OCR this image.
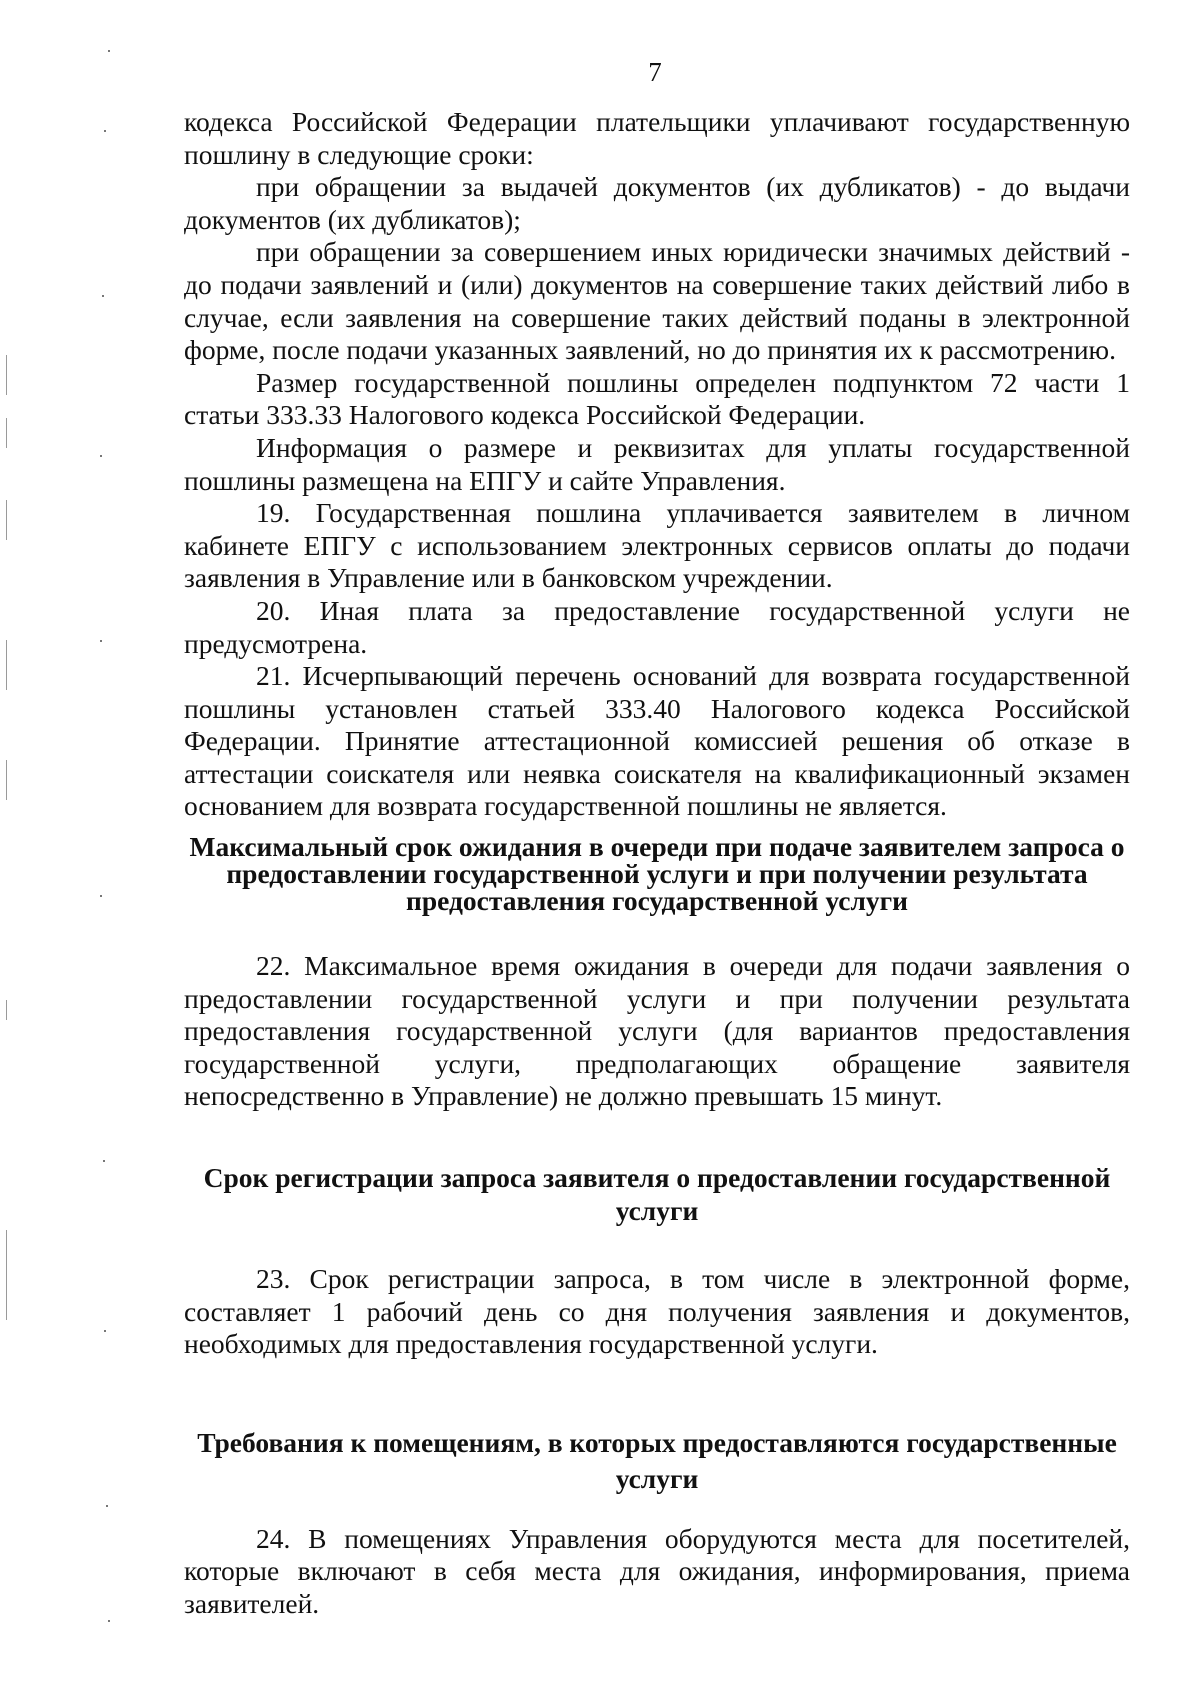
7

кодекса Российской Федерации плательщики уплачивают государственную пошлину в следующие сроки:

при обращении за выдачей документов (их дубликатов) - до выдачи документов (их дубликатов);

при обращении за совершением иных юридически значимых действий - до подачи заявлений и (или) документов на совершение таких действий либо в случае, если заявления на совершение таких действий поданы в электронной форме, после подачи указанных заявлений, но до принятия их к рассмотрению.

Размер государственной пошлины определен подпунктом 72 части 1 статьи 333.33 Налогового кодекса Российской Федерации.

Информация о размере и реквизитах для уплаты государственной пошлины размещена на ЕПГУ и сайте Управления.

19. Государственная пошлина уплачивается заявителем в личном кабинете ЕПГУ с использованием электронных сервисов оплаты до подачи заявления в Управление или в банковском учреждении.

20. Иная плата за предоставление государственной услуги не предусмотрена.

21. Исчерпывающий перечень оснований для возврата государственной пошлины установлен статьей 333.40 Налогового кодекса Российской Федерации. Принятие аттестационной комиссией решения об отказе в аттестации соискателя или неявка соискателя на квалификационный экзамен основанием для возврата государственной пошлины не является.

Максимальный срок ожидания в очереди при подаче заявителем запроса о предоставлении государственной услуги и при получении результата предоставления государственной услуги

22. Максимальное время ожидания в очереди для подачи заявления о предоставлении государственной услуги и при получении результата предоставления государственной услуги (для вариантов предоставления государственной услуги, предполагающих обращение заявителя непосредственно в Управление) не должно превышать 15 минут.

Срок регистрации запроса заявителя о предоставлении государственной услуги

23. Срок регистрации запроса, в том числе в электронной форме, составляет 1 рабочий день со дня получения заявления и документов, необходимых для предоставления государственной услуги.

Требования к помещениям, в которых предоставляются государственные услуги

24. В помещениях Управления оборудуются места для посетителей, которые включают в себя места для ожидания, информирования, приема заявителей.
